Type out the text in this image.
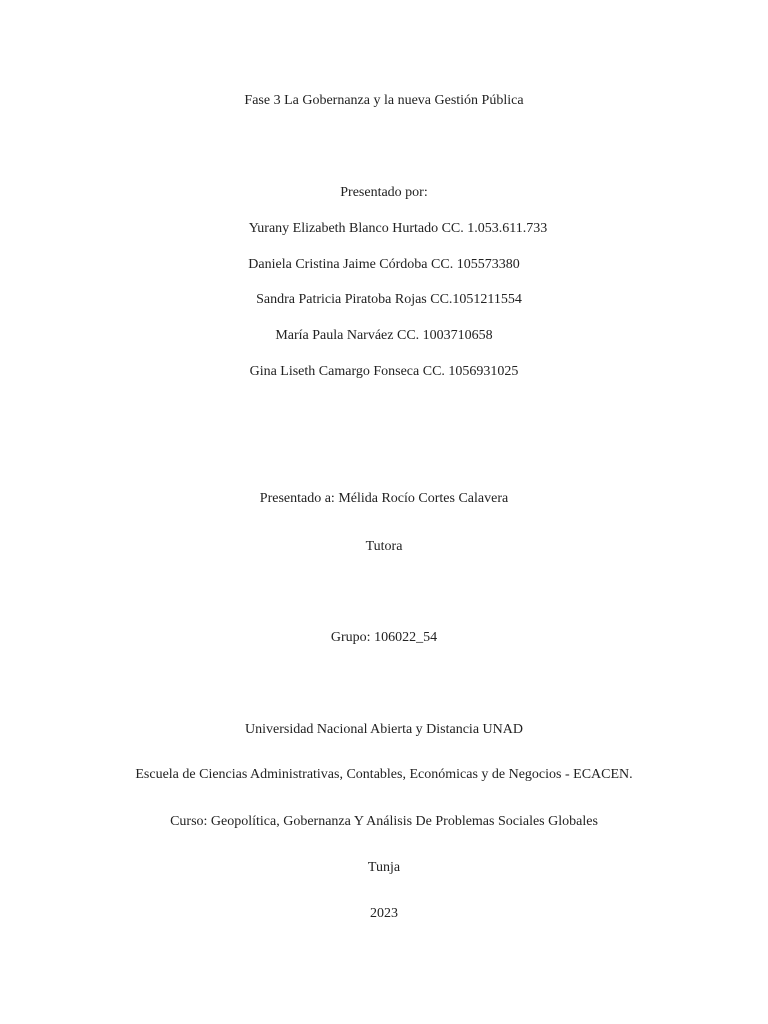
Fase 3 La Gobernanza y la nueva Gestión Pública
Presentado por:
Yurany Elizabeth Blanco Hurtado CC. 1.053.611.733
Daniela Cristina Jaime Córdoba CC. 105573380
Sandra Patricia Piratoba Rojas CC.1051211554
María Paula Narváez CC. 1003710658
Gina Liseth Camargo Fonseca CC. 1056931025
Presentado a: Mélida Rocío Cortes Calavera
Tutora
Grupo: 106022_54
Universidad Nacional Abierta y Distancia UNAD
Escuela de Ciencias Administrativas, Contables, Económicas y de Negocios - ECACEN.
Curso: Geopolítica, Gobernanza Y Análisis De Problemas Sociales Globales
Tunja
2023
